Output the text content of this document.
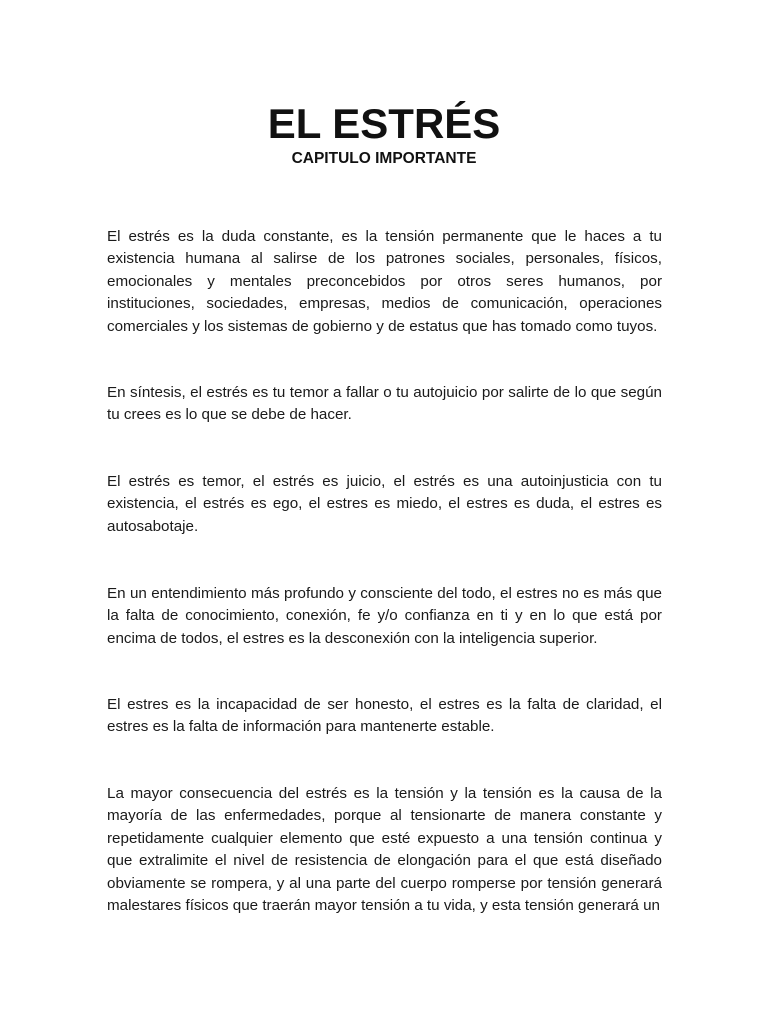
EL ESTRÉS
CAPITULO IMPORTANTE

El estrés es la duda constante, es la tensión permanente que le haces a tu existencia humana al salirse de los patrones sociales, personales, físicos, emocionales y mentales preconcebidos por otros seres humanos, por instituciones, sociedades, empresas, medios de comunicación, operaciones comerciales y los sistemas de gobierno y de estatus que has tomado como tuyos.

En síntesis, el estrés es tu temor a fallar o tu autojuicio por salirte de lo que según tu crees es lo que se debe de hacer.

El estrés es temor, el estrés es juicio, el estrés es una autoinjusticia con tu existencia, el estrés es ego, el estres es miedo, el estres es duda, el estres es autosabotaje.

En un entendimiento más profundo y consciente del todo, el estres no es más que la falta de conocimiento, conexión, fe y/o confianza en ti y en lo que está por encima de todos, el estres es la desconexión con la inteligencia superior.

El estres es la incapacidad de ser honesto, el estres es la falta de claridad, el estres es la falta de información para mantenerte estable.

La mayor consecuencia del estrés es la tensión y la tensión es la causa de la mayoría de las enfermedades, porque al tensionarte de manera constante y repetidamente cualquier elemento que esté expuesto a una tensión continua y que extralimite el nivel de resistencia de elongación para el que está diseñado obviamente se rompera, y al una parte del cuerpo romperse por tensión generará malestares físicos que traerán mayor tensión a tu vida, y esta tensión generará un
